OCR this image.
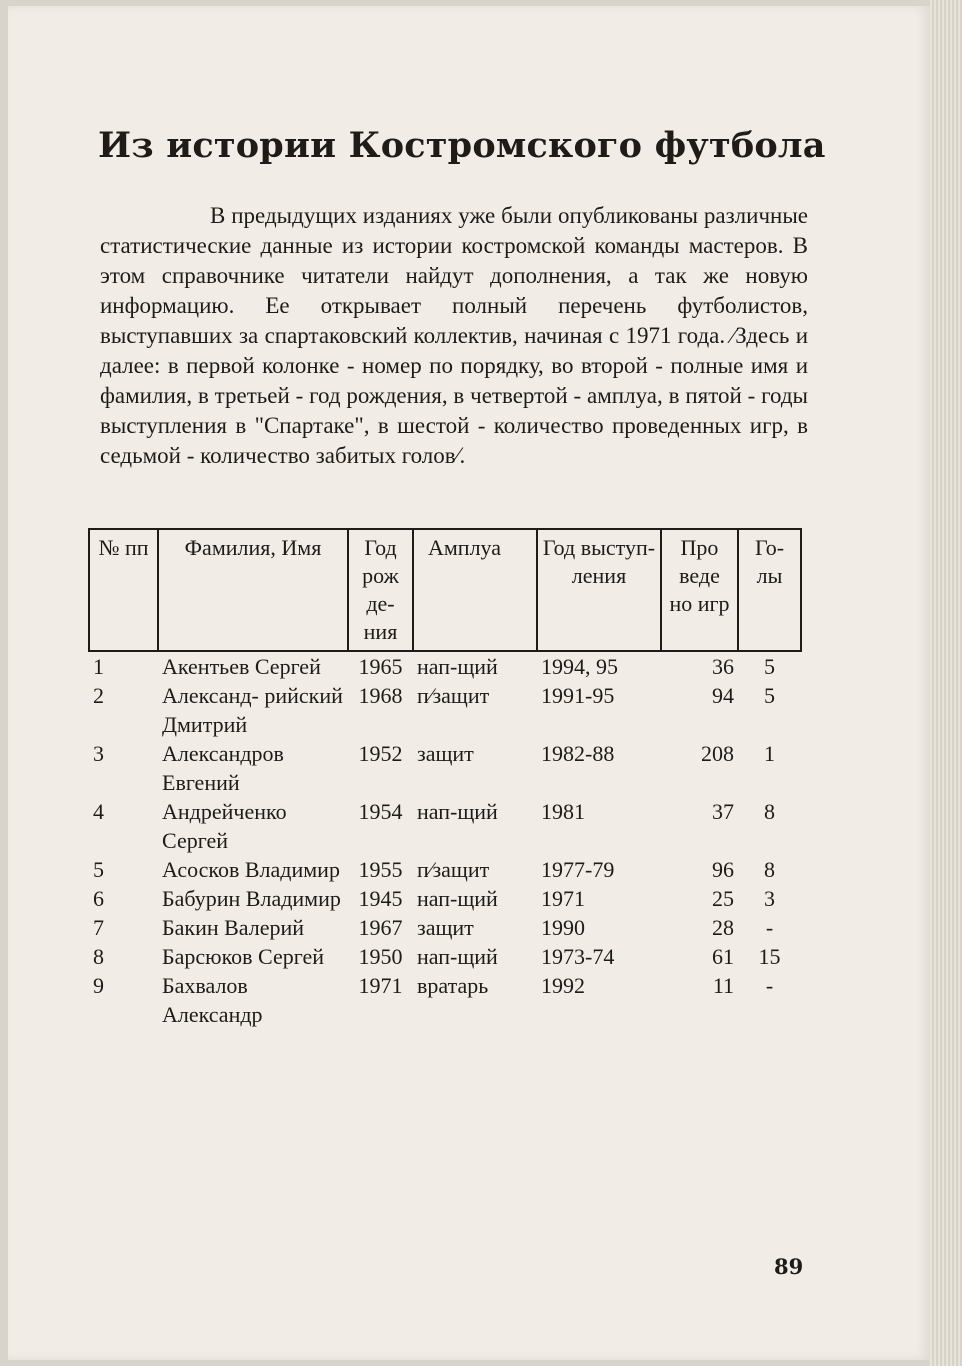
Из истории Костромского футбола

В предыдущих изданиях уже были опубликованы различные статистические данные из истории костромской команды мастеров. В этом справочнике читатели найдут дополнения, а так же новую информацию. Ее открывает полный перечень футболистов, выступавших за спартаковский коллектив, начиная с 1971 года. ⁄Здесь и далее: в первой колонке - номер по порядку, во второй - полные имя и фамилия, в третьей - год рождения, в четвертой - амплуа, в пятой - годы выступления в "Спартаке", в шестой - количество проведенных игр, в седьмой - количество забитых голов⁄.

№ пп	Фамилия, Имя	Год рож де- ния	Амплуа	Год выступ- ления	Про веде но игр	Го- лы
1	Акентьев Сергей	1965	нап-щий	1994, 95	36	5
2	Александ- рийский Дмитрий	1968	п⁄защит	1991-95	94	5
3	Александров Евгений	1952	защит	1982-88	208	1
4	Андрейченко Сергей	1954	нап-щий	1981	37	8
5	Асосков Владимир	1955	п⁄защит	1977-79	96	8
6	Бабурин Владимир	1945	нап-щий	1971	25	3
7	Бакин Валерий	1967	защит	1990	28	-
8	Барсюков Сергей	1950	нап-щий	1973-74	61	15
9	Бахвалов Александр	1971	вратарь	1992	11	-
89
